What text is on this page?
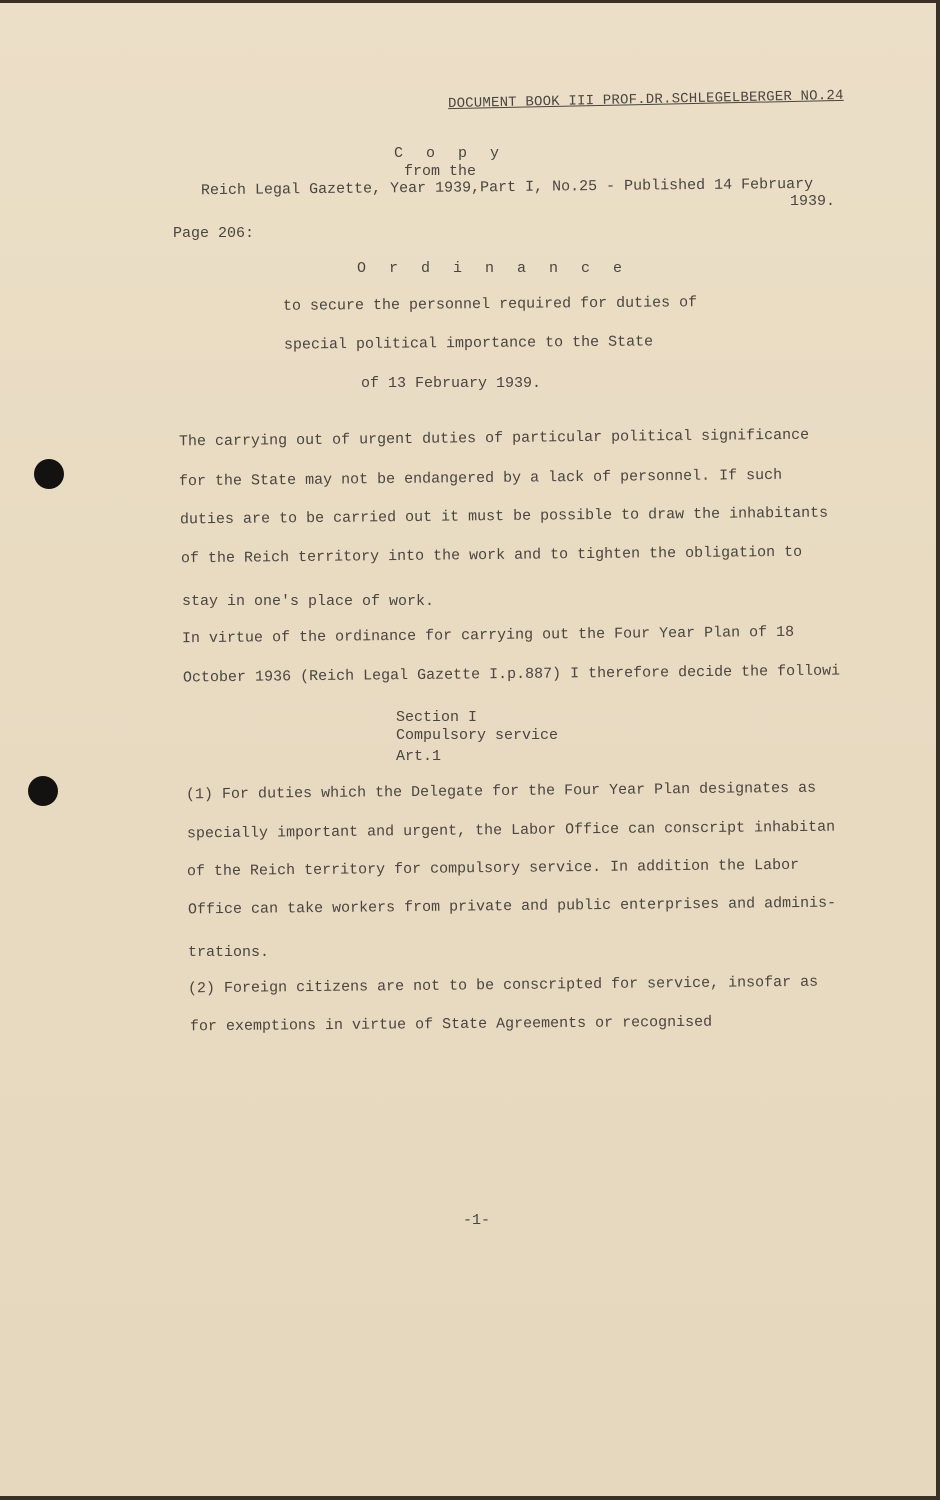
DOCUMENT BOOK III PROF.DR.SCHLEGELBERGER NO.24
C o p y
from the
Reich Legal Gazette, Year 1939,Part I, No.25 - Published 14 February
1939.
Page 206:
O r d i n a n c e
to secure the personnel required for duties of
special political importance to the State
of 13 February 1939.
The carrying out of urgent duties of particular political significance
for the State may not be endangered by a lack of personnel. If such
duties are to be carried out it must be possible to draw the inhabitants
of the Reich territory into the work and to tighten the obligation to
stay in one's place of work.
In virtue of the ordinance for carrying out the Four Year Plan of 18
October 1936 (Reich Legal Gazette I.p.887) I therefore decide the followi
Section I
Compulsory service
Art.1
(1) For duties which the Delegate for the Four Year Plan designates as
specially important and urgent, the Labor Office can conscript inhabitan
of the Reich territory for compulsory service. In addition the Labor
Office can take workers from private and public enterprises and adminis-
trations.
(2) Foreign citizens are not to be conscripted for service, insofar as
for exemptions in virtue of State Agreements or recognised
-1-
